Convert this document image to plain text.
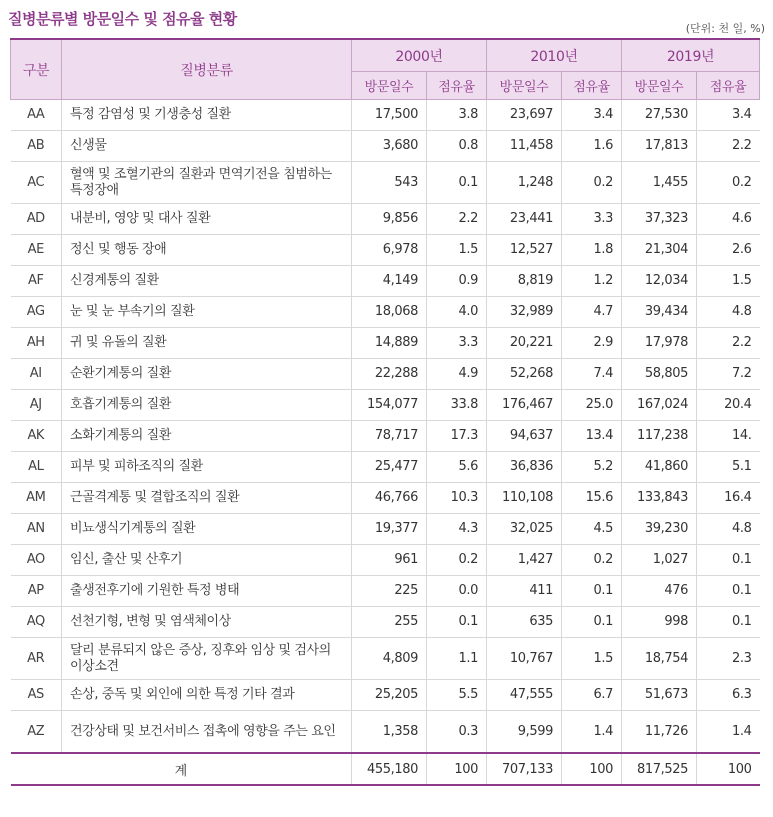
질병분류별 방문일수 및 점유율 현황
(단위: 천 일, %)
구분	질병분류	2000년		2010년		2019년	
		방문일수	점유율	방문일수	점유율	방문일수	점유율
AA	특정 감염성 및 기생충성 질환	17,500	3.8	23,697	3.4	27,530	3.4
AB	신생물	3,680	0.8	11,458	1.6	17,813	2.2
AC	혈액 및 조혈기관의 질환과 면역기전을 침범하는 특정장애	543	0.1	1,248	0.2	1,455	0.2
AD	내분비, 영양 및 대사 질환	9,856	2.2	23,441	3.3	37,323	4.6
AE	정신 및 행동 장애	6,978	1.5	12,527	1.8	21,304	2.6
AF	신경계통의 질환	4,149	0.9	8,819	1.2	12,034	1.5
AG	눈 및 눈 부속기의 질환	18,068	4.0	32,989	4.7	39,434	4.8
AH	귀 및 유돌의 질환	14,889	3.3	20,221	2.9	17,978	2.2
AI	순환기계통의 질환	22,288	4.9	52,268	7.4	58,805	7.2
AJ	호흡기계통의 질환	154,077	33.8	176,467	25.0	167,024	20.4
AK	소화기계통의 질환	78,717	17.3	94,637	13.4	117,238	14.
AL	피부 및 피하조직의 질환	25,477	5.6	36,836	5.2	41,860	5.1
AM	근골격계통 및 결합조직의 질환	46,766	10.3	110,108	15.6	133,843	16.4
AN	비뇨생식기계통의 질환	19,377	4.3	32,025	4.5	39,230	4.8
AO	임신, 출산 및 산후기	961	0.2	1,427	0.2	1,027	0.1
AP	출생전후기에 기원한 특정 병태	225	0.0	411	0.1	476	0.1
AQ	선천기형, 변형 및 염색체이상	255	0.1	635	0.1	998	0.1
AR	달리 분류되지 않은 증상, 징후와 임상 및 검사의 이상소견	4,809	1.1	10,767	1.5	18,754	2.3
AS	손상, 중독 및 외인에 의한 특정 기타 결과	25,205	5.5	47,555	6.7	51,673	6.3
AZ	건강상태 및 보건서비스 접촉에 영향을 주는 요인	1,358	0.3	9,599	1.4	11,726	1.4
계		455,180	100	707,133	100	817,525	100
